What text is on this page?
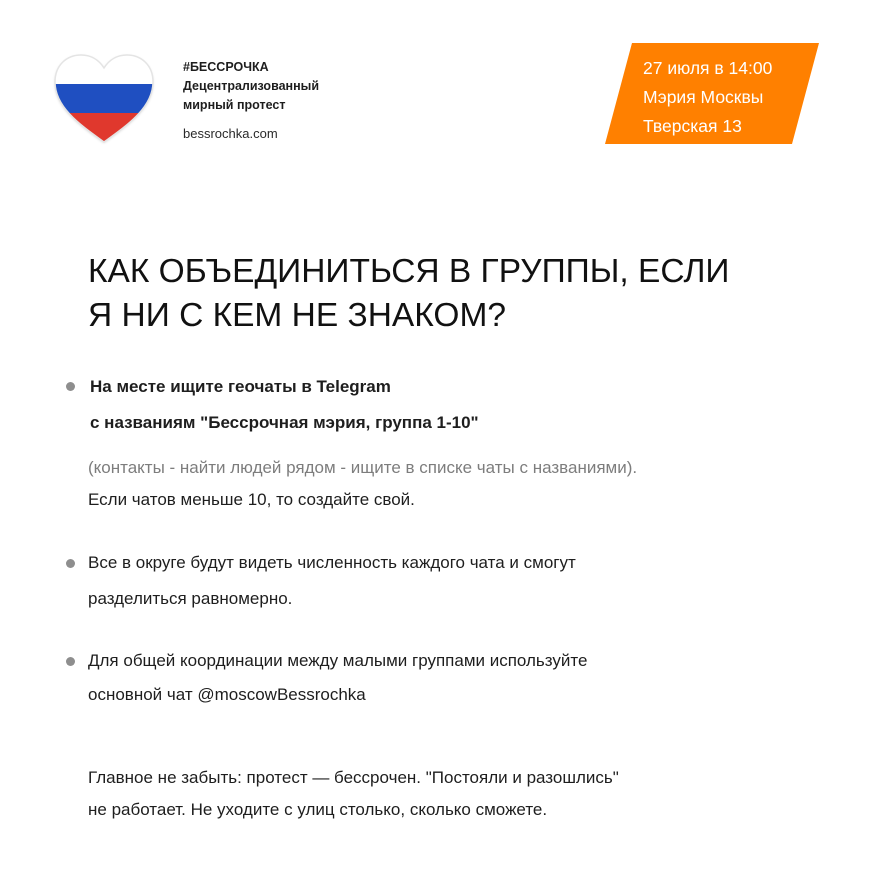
#БЕССРОЧКА
Децентрализованный
мирный протест
bessrochka.com
27 июля в 14:00
Мэрия Москвы
Тверская 13
КАК ОБЪЕДИНИТЬСЯ В ГРУППЫ, ЕСЛИ
Я НИ С КЕМ НЕ ЗНАКОМ?
На месте ищите геочаты в Telegram
с названиям "Бессрочная мэрия, группа 1-10"
(контакты - найти людей рядом - ищите в списке чаты с названиями).
Если чатов меньше 10, то создайте свой.
Все в округе будут видеть численность каждого чата и смогут
разделиться равномерно.
Для общей координации между малыми группами используйте
основной чат @moscowBessrochka
Главное не забыть: протест — бессрочен. "Постояли и разошлись"
не работает. Не уходите с улиц столько, сколько сможете.
